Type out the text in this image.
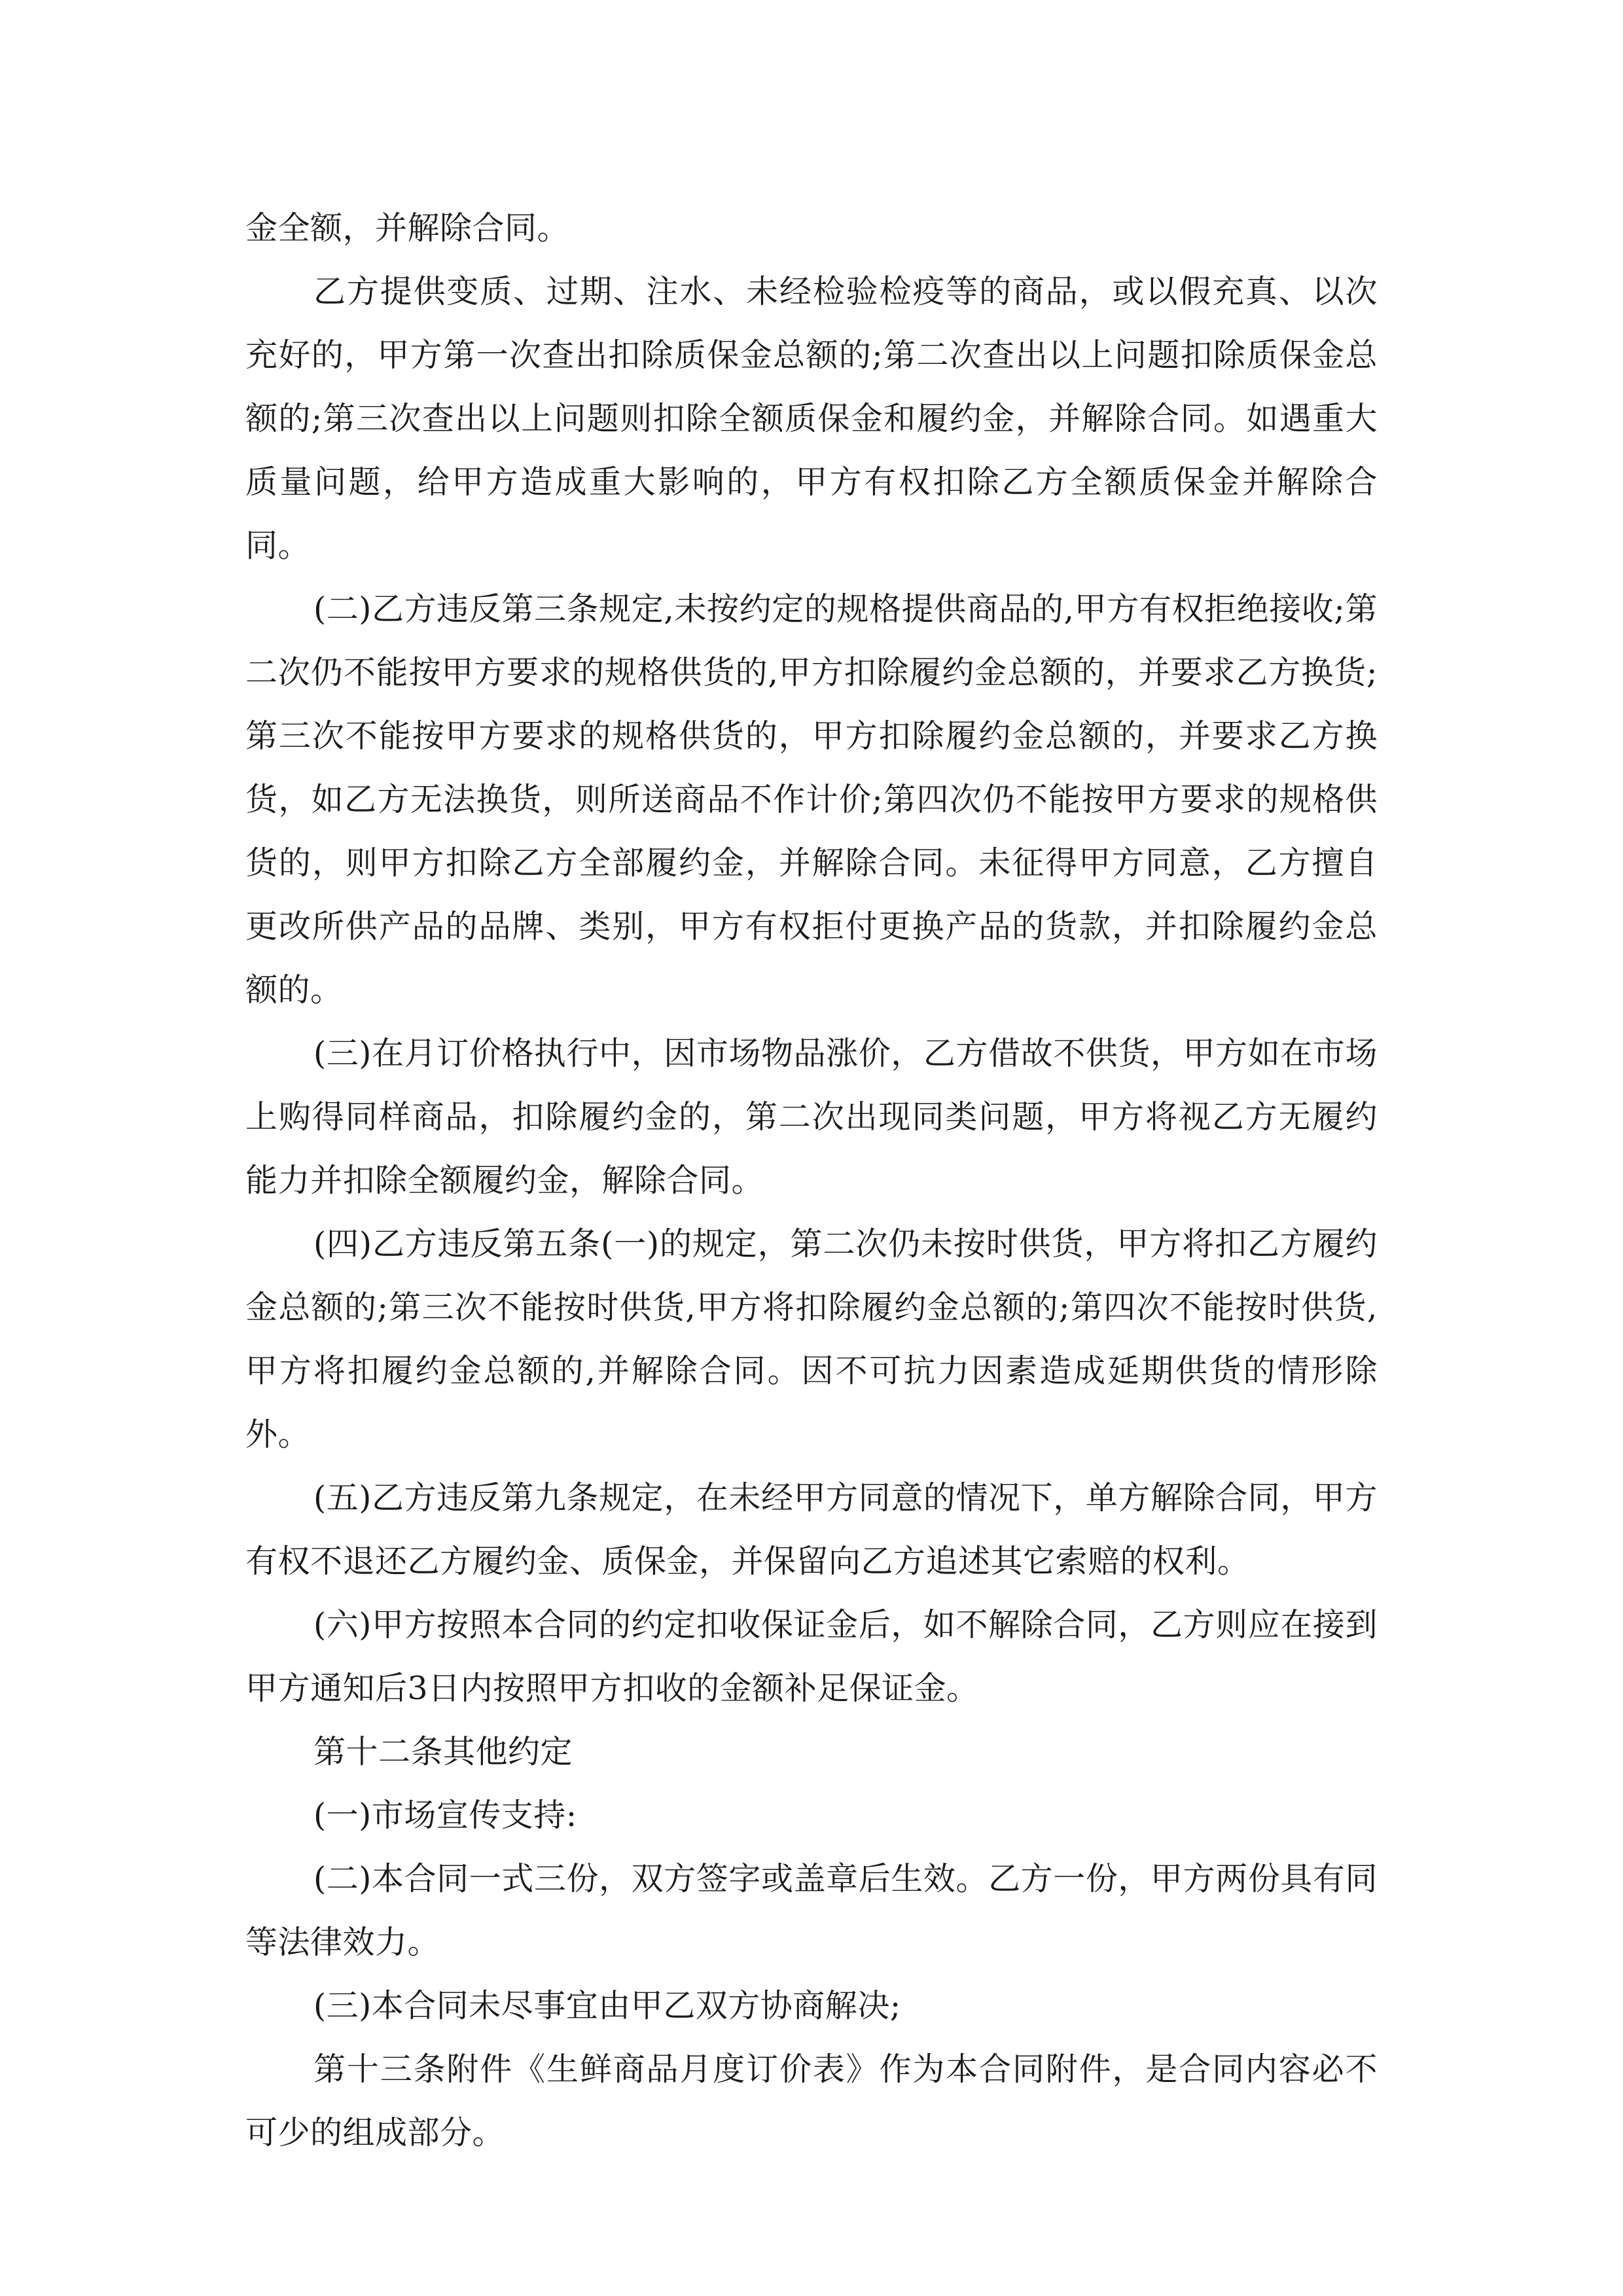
金全额，并解除合同。

乙方提供变质、过期、注水、未经检验检疫等的商品，或以假充真、以次充好的，甲方第一次查出扣除质保金总额的;第二次查出以上问题扣除质保金总额的;第三次查出以上问题则扣除全额质保金和履约金，并解除合同。如遇重大质量问题，给甲方造成重大影响的，甲方有权扣除乙方全额质保金并解除合同。

(二)乙方违反第三条规定,未按约定的规格提供商品的,甲方有权拒绝接收;第二次仍不能按甲方要求的规格供货的,甲方扣除履约金总额的，并要求乙方换货;第三次不能按甲方要求的规格供货的，甲方扣除履约金总额的，并要求乙方换货，如乙方无法换货，则所送商品不作计价;第四次仍不能按甲方要求的规格供货的，则甲方扣除乙方全部履约金，并解除合同。未征得甲方同意，乙方擅自更改所供产品的品牌、类别，甲方有权拒付更换产品的货款，并扣除履约金总额的。

(三)在月订价格执行中，因市场物品涨价，乙方借故不供货，甲方如在市场上购得同样商品，扣除履约金的，第二次出现同类问题，甲方将视乙方无履约能力并扣除全额履约金，解除合同。

(四)乙方违反第五条(一)的规定，第二次仍未按时供货，甲方将扣乙方履约金总额的;第三次不能按时供货,甲方将扣除履约金总额的;第四次不能按时供货,甲方将扣履约金总额的,并解除合同。因不可抗力因素造成延期供货的情形除外。

(五)乙方违反第九条规定，在未经甲方同意的情况下，单方解除合同，甲方有权不退还乙方履约金、质保金，并保留向乙方追述其它索赔的权利。

(六)甲方按照本合同的约定扣收保证金后，如不解除合同，乙方则应在接到甲方通知后3日内按照甲方扣收的金额补足保证金。

第十二条其他约定

(一)市场宣传支持:

(二)本合同一式三份，双方签字或盖章后生效。乙方一份，甲方两份具有同等法律效力。

(三)本合同未尽事宜由甲乙双方协商解决;

第十三条附件《生鲜商品月度订价表》作为本合同附件，是合同内容必不可少的组成部分。
